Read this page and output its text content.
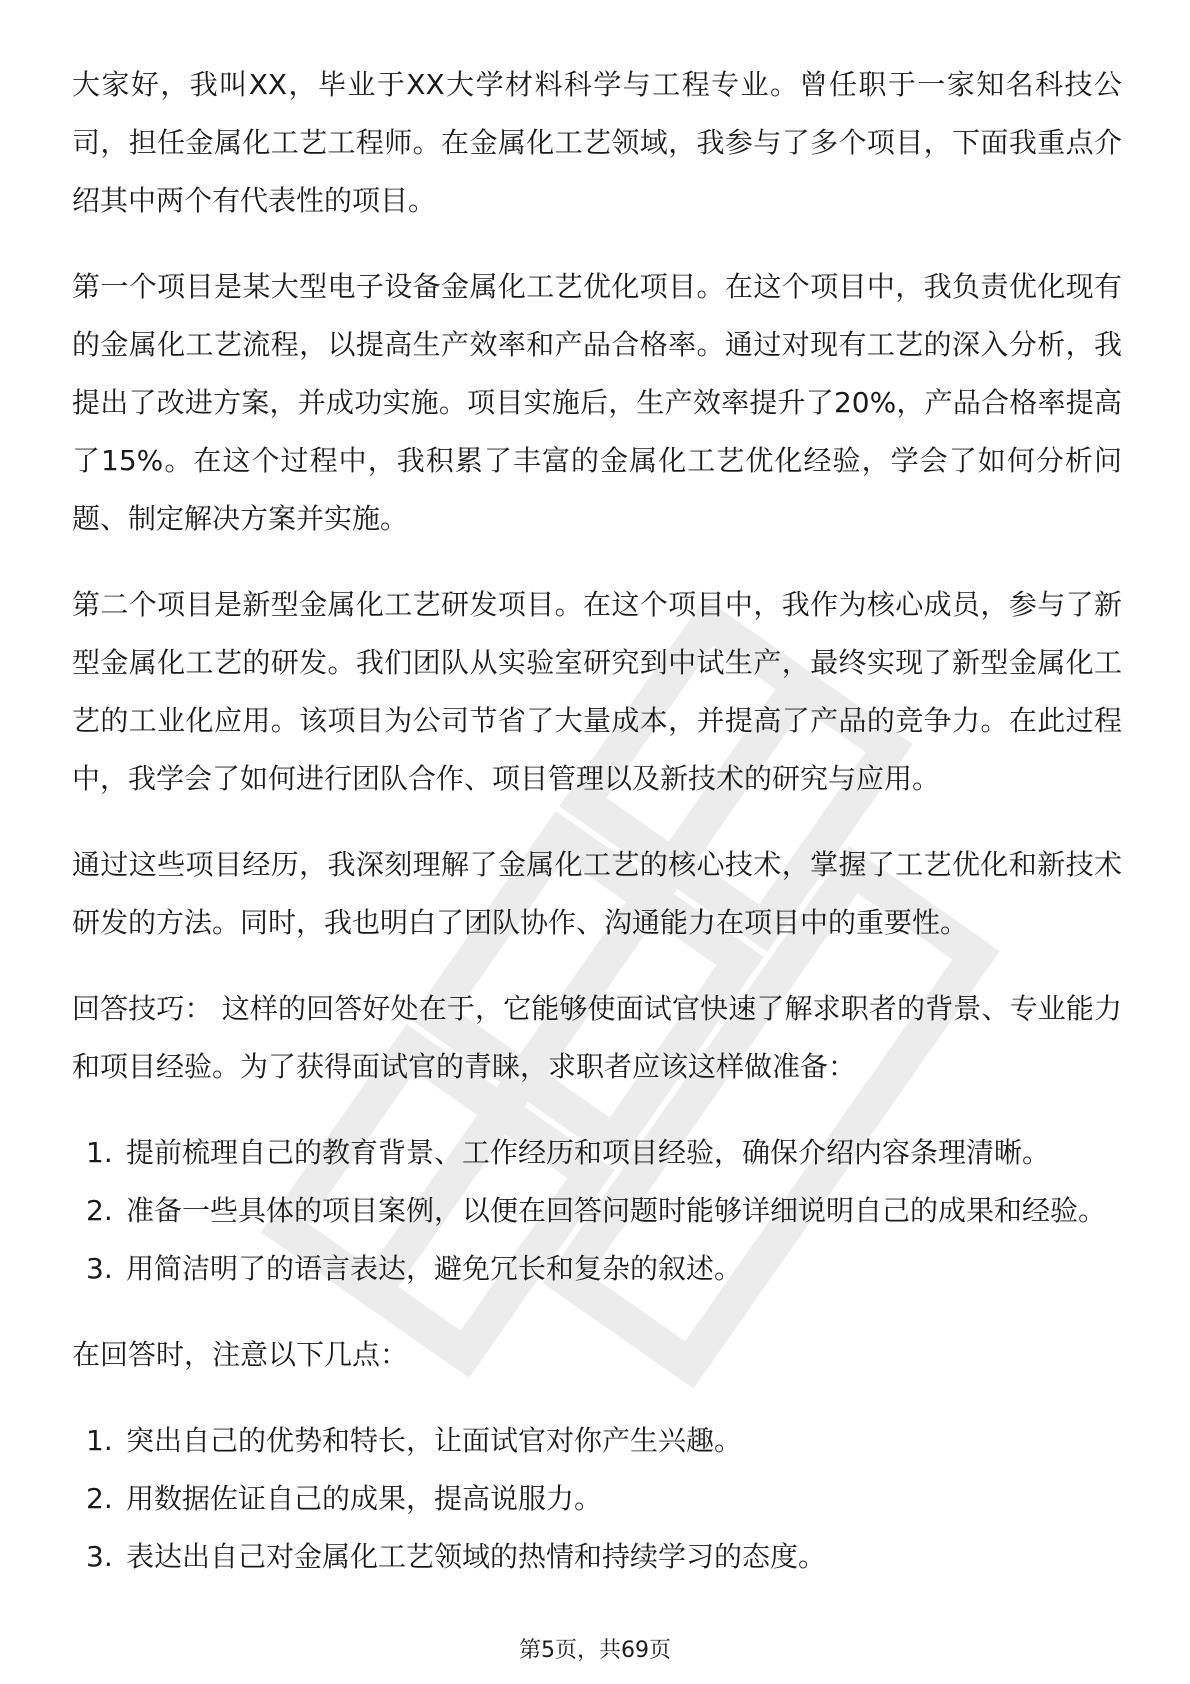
大家好，我叫XX，毕业于XX大学材料科学与工程专业。曾任职于一家知名科技公司，担任金属化工艺工程师。在金属化工艺领域，我参与了多个项目，下面我重点介绍其中两个有代表性的项目。

第一个项目是某大型电子设备金属化工艺优化项目。在这个项目中，我负责优化现有的金属化工艺流程，以提高生产效率和产品合格率。通过对现有工艺的深入分析，我提出了改进方案，并成功实施。项目实施后，生产效率提升了20%，产品合格率提高了15%。在这个过程中，我积累了丰富的金属化工艺优化经验，学会了如何分析问题、制定解决方案并实施。

第二个项目是新型金属化工艺研发项目。在这个项目中，我作为核心成员，参与了新型金属化工艺的研发。我们团队从实验室研究到中试生产，最终实现了新型金属化工艺的工业化应用。该项目为公司节省了大量成本，并提高了产品的竞争力。在此过程中，我学会了如何进行团队合作、项目管理以及新技术的研究与应用。

通过这些项目经历，我深刻理解了金属化工艺的核心技术，掌握了工艺优化和新技术研发的方法。同时，我也明白了团队协作、沟通能力在项目中的重要性。

回答技巧： 这样的回答好处在于，它能够使面试官快速了解求职者的背景、专业能力和项目经验。为了获得面试官的青睐，求职者应该这样做准备：

1. 提前梳理自己的教育背景、工作经历和项目经验，确保介绍内容条理清晰。
2. 准备一些具体的项目案例，以便在回答问题时能够详细说明自己的成果和经验。
3. 用简洁明了的语言表达，避免冗长和复杂的叙述。

在回答时，注意以下几点：

1. 突出自己的优势和特长，让面试官对你产生兴趣。
2. 用数据佐证自己的成果，提高说服力。
3. 表达出自己对金属化工艺领域的热情和持续学习的态度。
第5页，共69页
